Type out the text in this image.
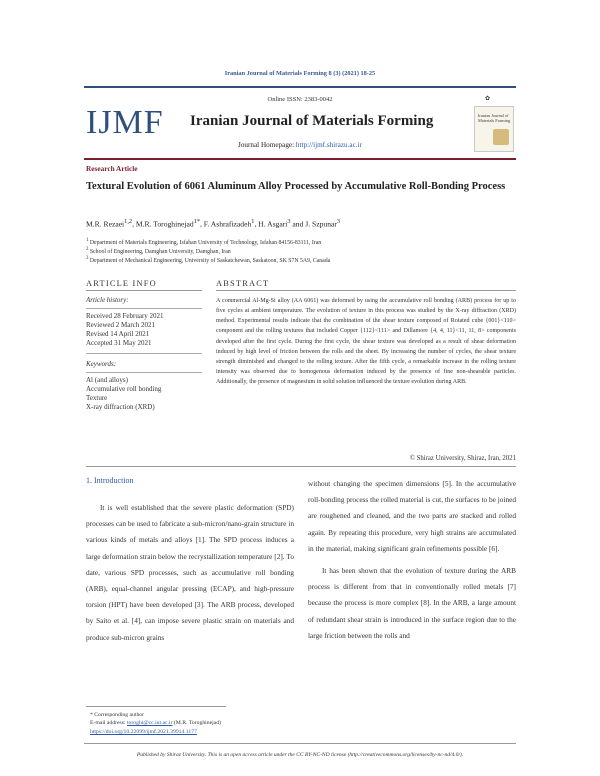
Iranian Journal of Materials Forming 8 (3) (2021) 18-25
Online ISSN: 2383-0042
IJMF Iranian Journal of Materials Forming
Journal Homepage: http://ijmf.shirazu.ac.ir
✿
Iranian Journal of Materials Forming
Research Article
Textural Evolution of 6061 Aluminum Alloy Processed by Accumulative Roll-Bonding Process
M.R. Rezaei$^{1,2}$, M.R. Toroghinejad$^{1*}$, F. Ashrafizadeh$^1$, H. Asgari$^3$ and J. Szpunar$^3$
$^1$ Department of Materials Engineering, Isfahan University of Technology, Isfahan 84156-83111, Iran
$^2$ School of Engineering, Damghan University, Damghan, Iran
$^3$ Department of Mechanical Engineering, University of Saskatchewan, Saskatoon, SK S7N 5A9, Canada
ARTICLE INFO
Article history:
Received 28 February 2021
Reviewed 2 March 2021
Revised 14 April 2021
Accepted 31 May 2021
Keywords:
Al (and alloys)
Accumulative roll bonding
Texture
X-ray diffraction (XRD)
ABSTRACT
A commercial Al-Mg-Si alloy (AA 6061) was deformed by using the accumulative roll bonding (ARB) process for up to five cycles at ambient temperature. The evolution of texture in this process was studied by the X-ray diffraction (XRD) method. Experimental results indicate that the combination of the shear texture composed of Rotated cube {001}<110> component and the rolling textures that included Copper {112}<111> and Dillamore {4, 4, 11}<11, 11, 8> components developed after the first cycle. During the first cycle, the shear texture was developed as a result of shear deformation induced by high level of friction between the rolls and the sheet. By increasing the number of cycles, the shear texture strength diminished and changed to the rolling texture. After the fifth cycle, a remarkable increase in the rolling texture intensity was observed due to homogenous deformation induced by the presence of fine non-shearable particles. Additionally, the presence of magnesium in solid solution influenced the texture evolution during ARB.
© Shiraz University, Shiraz, Iran, 2021
1. Introduction

It is well established that the severe plastic deformation (SPD) processes can be used to fabricate a sub-micron/nano-grain structure in various kinds of metals and alloys [1]. The SPD process induces a large deformation strain below the recrystallization temperature [2]. To date, various SPD processes, such as accumulative roll bonding (ARB), equal-channel angular pressing (ECAP), and high-pressure torsion (HPT) have been developed [3]. The ARB process, developed by Saito et al. [4], can impose severe plastic strain on materials and produce sub-micron grains

without changing the specimen dimensions [5]. In the accumulative roll-bonding process the rolled material is cut, the surfaces to be joined are roughened and cleaned, and the two parts are stacked and rolled again. By repeating this procedure, very high strains are accumulated in the material, making significant grain refinements possible [6].

It has been shown that the evolution of texture during the ARB process is different from that in conventionally rolled metals [7] because the process is more complex [8]. In the ARB, a large amount of redundant shear strain is introduced in the surface region due to the large friction between the rolls and

* Corresponding author
E-mail address: toroghi@cc.iut.ac.ir (M.R. Toroghinejad)
https://doi.org/10.22099/ijmf.2021.39914.1177
Published by Shiraz University. This is an open access article under the CC BY-NC-ND license (http://creativecommons.org/licenses/by-nc-nd/4.0/).
